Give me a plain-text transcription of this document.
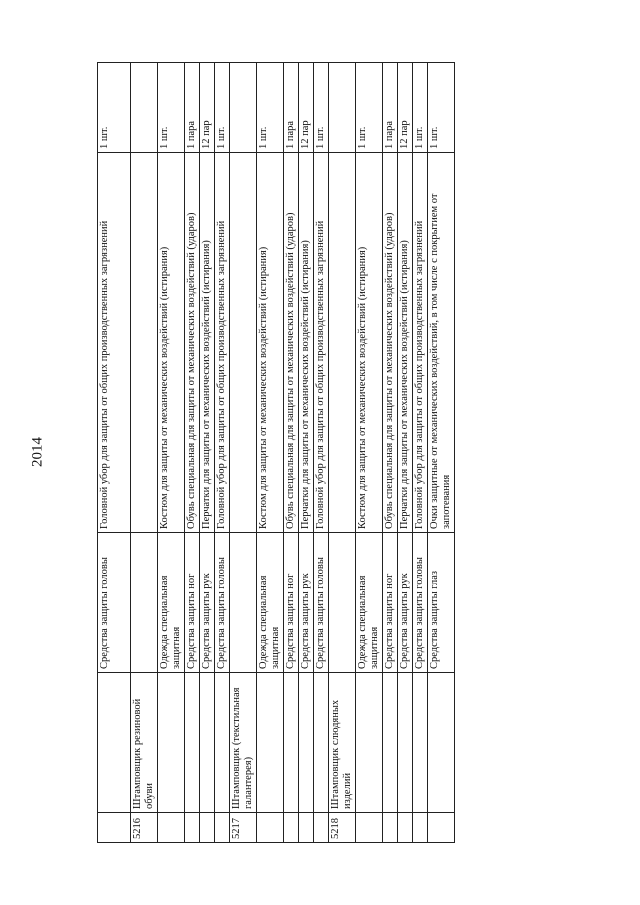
2014
		Средства защиты головы	Головной убор для защиты от общих производственных загрязнений	1 шт.
5216	Штамповщик резиновой обуви			
		Одежда специальная защитная	Костюм для защиты от механических воздействий (истирания)	1 шт.
		Средства защиты ног	Обувь специальная для защиты от механических воздействий (ударов)	1 пара
		Средства защиты рук	Перчатки для защиты от механических воздействий (истирания)	12 пар
		Средства защиты головы	Головной убор для защиты от общих производственных загрязнений	1 шт.
5217	Штамповщик (текстильная галантерея)			
		Одежда специальная защитная	Костюм для защиты от механических воздействий (истирания)	1 шт.
		Средства защиты ног	Обувь специальная для защиты от механических воздействий (ударов)	1 пара
		Средства защиты рук	Перчатки для защиты от механических воздействий (истирания)	12 пар
		Средства защиты головы	Головной убор для защиты от общих производственных загрязнений	1 шт.
5218	Штамповщик слюдяных изделий			
		Одежда специальная защитная	Костюм для защиты от механических воздействий (истирания)	1 шт.
		Средства защиты ног	Обувь специальная для защиты от механических воздействий (ударов)	1 пара
		Средства защиты рук	Перчатки для защиты от механических воздействий (истирания)	12 пар
		Средства защиты головы	Головной убор для защиты от общих производственных загрязнений	1 шт.
		Средства защиты глаз	Очки защитные от механических воздействий, в том числе с покрытием от запотевания	1 шт.
